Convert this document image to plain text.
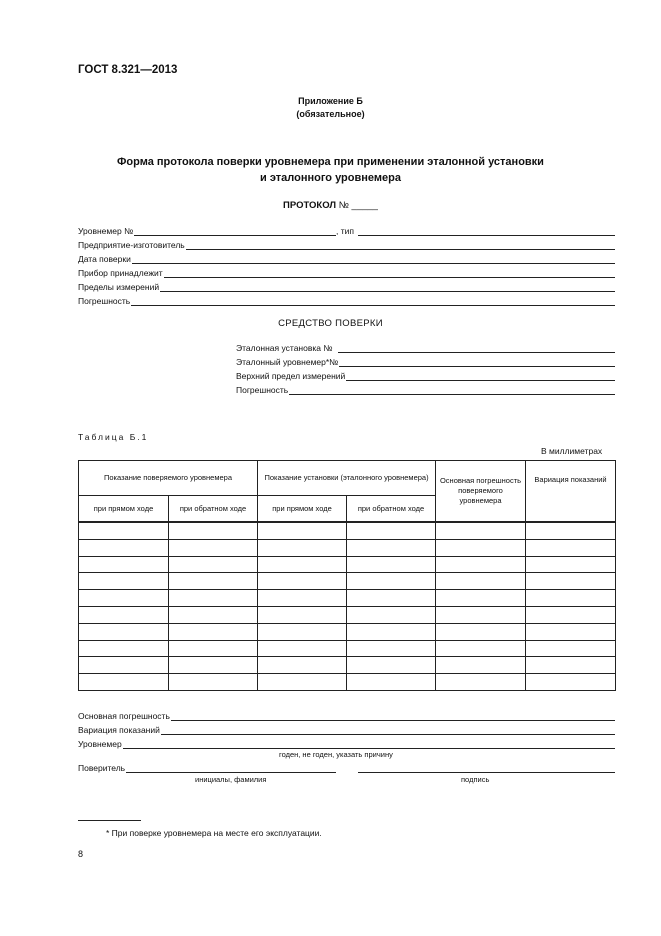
ГОСТ 8.321—2013
Приложение Б
(обязательное)
Форма протокола поверки уровнемера при применении эталонной установки
и эталонного уровнемера
ПРОТОКОЛ № _____
Уровнемер №	, тип
Предприятие-изготовитель
Дата поверки
Прибор принадлежит
Пределы измерений
Погрешность
СРЕДСТВО ПОВЕРКИ
Эталонная установка №
Эталонный уровнемер*№
Верхний предел измерений
Погрешность
Таблица Б.1
В миллиметрах
Показание поверяемого уровнемера		Показание установки (эталонного уровнемера)		Основная погрешность поверяемого уровнемера	Вариация показаний
при прямом ходе	при обратном ходе	при прямом ходе	при обратном ходе		

Основная погрешность
Вариация показаний
Уровнемер
годен, не годен, указать причину
Поверитель
инициалы, фамилия	подпись
* При поверке уровнемера на месте его эксплуатации.
8
